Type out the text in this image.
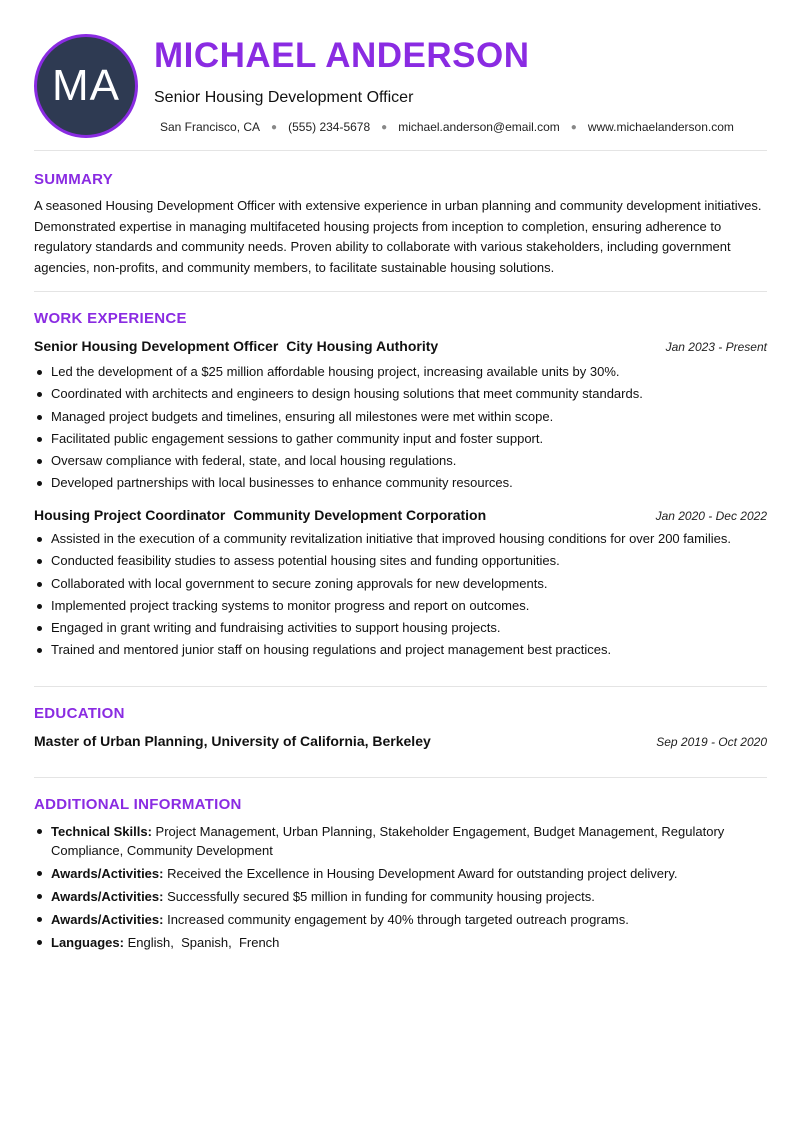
MA
MICHAEL ANDERSON
Senior Housing Development Officer
San Francisco, CA ● (555) 234-5678 ● michael.anderson@email.com ● www.michaelanderson.com
SUMMARY
A seasoned Housing Development Officer with extensive experience in urban planning and community development initiatives. Demonstrated expertise in managing multifaceted housing projects from inception to completion, ensuring adherence to regulatory standards and community needs. Proven ability to collaborate with various stakeholders, including government agencies, non-profits, and community members, to facilitate sustainable housing solutions.
WORK EXPERIENCE
Senior Housing Development Officer City Housing Authority	Jan 2023 - Present
Led the development of a $25 million affordable housing project, increasing available units by 30%.
Coordinated with architects and engineers to design housing solutions that meet community standards.
Managed project budgets and timelines, ensuring all milestones were met within scope.
Facilitated public engagement sessions to gather community input and foster support.
Oversaw compliance with federal, state, and local housing regulations.
Developed partnerships with local businesses to enhance community resources.
Housing Project Coordinator Community Development Corporation	Jan 2020 - Dec 2022
Assisted in the execution of a community revitalization initiative that improved housing conditions for over 200 families.
Conducted feasibility studies to assess potential housing sites and funding opportunities.
Collaborated with local government to secure zoning approvals for new developments.
Implemented project tracking systems to monitor progress and report on outcomes.
Engaged in grant writing and fundraising activities to support housing projects.
Trained and mentored junior staff on housing regulations and project management best practices.
EDUCATION
Master of Urban Planning, University of California, Berkeley	Sep 2019 - Oct 2020
ADDITIONAL INFORMATION
Technical Skills: Project Management, Urban Planning, Stakeholder Engagement, Budget Management, Regulatory Compliance, Community Development
Awards/Activities: Received the Excellence in Housing Development Award for outstanding project delivery.
Awards/Activities: Successfully secured $5 million in funding for community housing projects.
Awards/Activities: Increased community engagement by 40% through targeted outreach programs.
Languages: English , Spanish , French
